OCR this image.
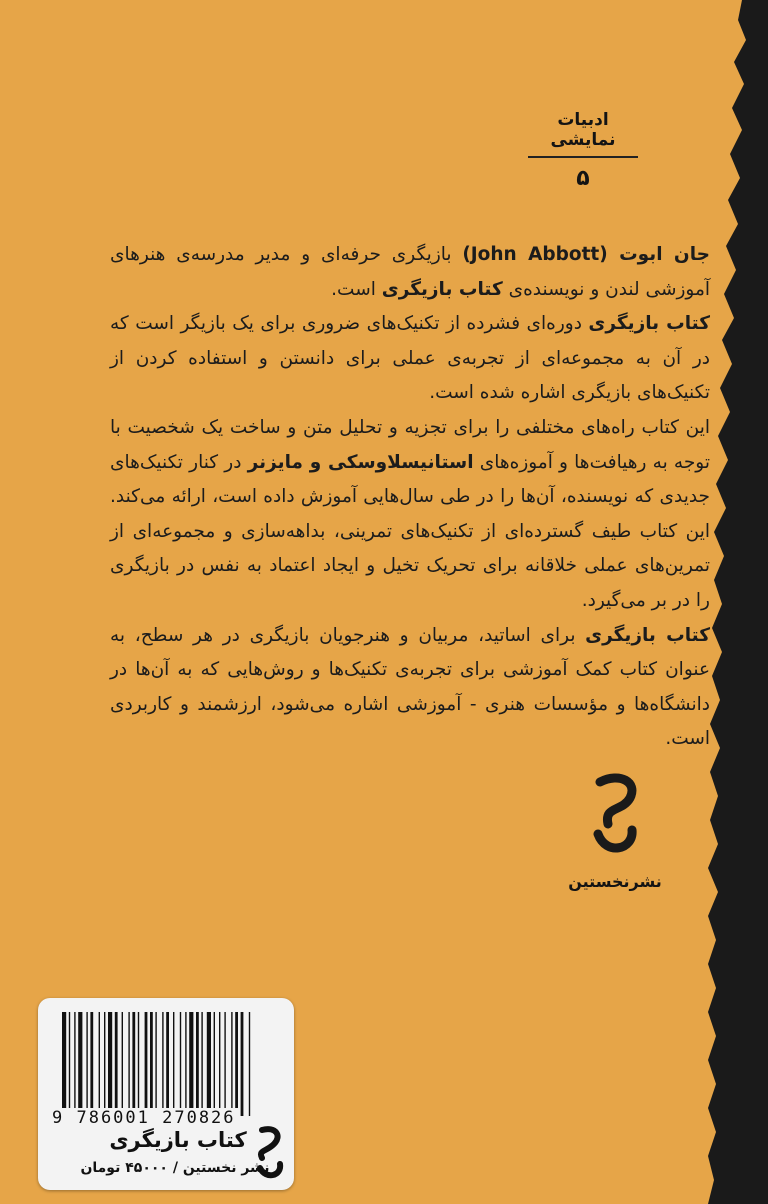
ادبیات نمایشی
۵

جان ابوت (John Abbott) بازیگری حرفه‌ای و مدیر مدرسه‌ی هنرهای آموزشی لندن و نویسنده‌ی کتاب بازیگری است.

کتاب بازیگری دوره‌ای فشرده از تکنیک‌های ضروری برای یک بازیگر است که در آن به مجموعه‌ای از تجربه‌ی عملی برای دانستن و استفاده کردن از تکنیک‌های بازیگری اشاره شده است.

این کتاب راه‌های مختلفی را برای تجزیه و تحلیل متن و ساخت یک شخصیت با توجه به رهیافت‌ها و آموزه‌های استانیسلاوسکی و مایزنر در کنار تکنیک‌های جدیدی که نویسنده، آن‌ها را در طی سال‌هایی آموزش داده است، ارائه می‌کند. این کتاب طیف گسترده‌ای از تکنیک‌های تمرینی، بداهه‌سازی و مجموعه‌ای از تمرین‌های عملی خلاقانه برای تحریک تخیل و ایجاد اعتماد به نفس در بازیگری را در بر می‌گیرد.

کتاب بازیگری برای اساتید، مربیان و هنرجویان بازیگری در هر سطح، به عنوان کتاب کمک آموزشی برای تجربه‌ی تکنیک‌ها و روش‌هایی که به آن‌ها در دانشگاه‌ها و مؤسسات هنری - آموزشی اشاره می‌شود، ارزشمند و کاربردی است.

9 786001 270826
کتاب بازیگری
نشر نخستین / ۴۵۰۰۰ تومان
نشرنخستین
